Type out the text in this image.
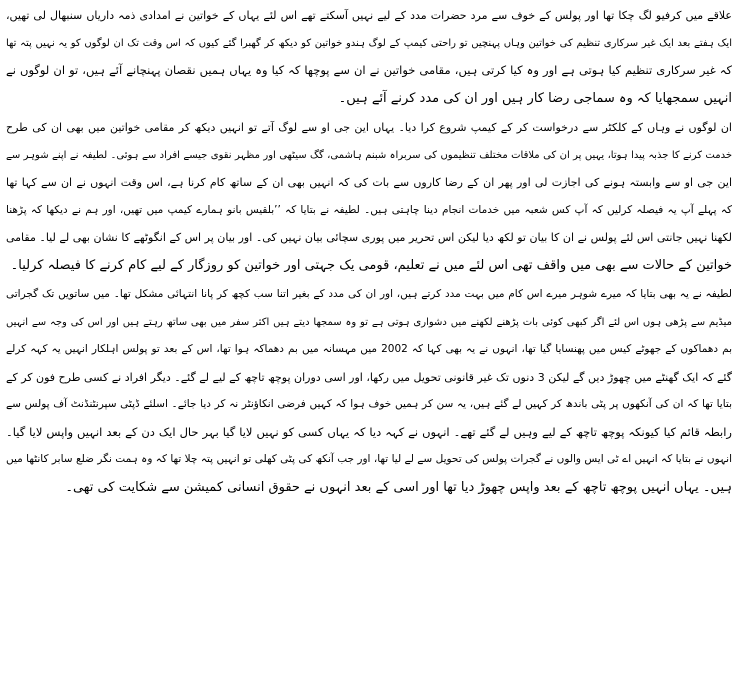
علاقے میں کرفیو لگ چکا تھا اور پولس کے خوف سے مرد حضرات مدد کے لیے نہیں آسکتے تھے اس لئے یہاں کے خواتین نے امدادی ذمہ داریاں سنبھال لی تھیں،
ایک ہفتے بعد ایک غیر سرکاری تنظیم کی خواتین وہاں پہنچیں تو راحتی کیمپ کے لوگ ہندو خواتین کو دیکھ کر گھبرا گئے کیوں کہ اس وقت تک ان لوگوں کو یہ نہیں پتہ تھا
کہ غیر سرکاری تنظیم کیا ہوتی ہے اور وہ کیا کرتی ہیں، مقامی خواتین نے ان سے پوچھا کہ کیا وہ یہاں ہمیں نقصان پہنچانے آئے ہیں، تو ان لوگوں نے
انہیں سمجھایا کہ وہ سماجی رضا کار ہیں اور ان کی مدد کرنے آئے ہیں۔
ان لوگوں نے وہاں کے کلکٹر سے درخواست کر کے کیمپ شروع کرا دیا۔ یہاں این جی او سے لوگ آتے تو انہیں دیکھ کر مقامی خواتین میں بھی ان کی طرح
خدمت کرنے کا جذبہ پیدا ہوتا، یہیں پر ان کی ملاقات مختلف تنظیموں کی سربراہ شبنم ہاشمی، گگ سیٹھی اور مظہر نقوی جیسے افراد سے ہوئی۔ لطیفہ نے اپنے شوہر سے
این جی او سے وابستہ ہونے کی اجازت لی اور پھر ان کے رضا کاروں سے بات کی کہ انہیں بھی ان کے ساتھ کام کرنا ہے، اس وقت انہوں نے ان سے کہا تھا
کہ پہلے آپ یہ فیصلہ کرلیں کہ آپ کس شعبہ میں خدمات انجام دینا چاہتی ہیں۔ لطیفہ نے بتایا کہ ’’بلقیس بانو ہمارے کیمپ میں تھیں، اور ہم نے دیکھا کہ پڑھنا
لکھنا نہیں جانتی اس لئے پولس نے ان کا بیان تو لکھ دیا لیکن اس تحریر میں پوری سچائی بیان نہیں کی۔ اور بیان پر اس کے انگوٹھے کا نشان بھی لے لیا۔ مقامی
خواتین کے حالات سے بھی میں واقف تھی اس لئے میں نے تعلیم، قومی یک جہتی اور خواتین کو روزگار کے لیے کام کرنے کا فیصلہ کرلیا۔
لطیفہ نے یہ بھی بتایا کہ میرے شوہر میرے اس کام میں بہت مدد کرتے ہیں، اور ان کی مدد کے بغیر اتنا سب کچھ کر پانا انتہائی مشکل تھا۔ میں ساتویں تک گجراتی
میڈیم سے پڑھی ہوں اس لئے اگر کبھی کوئی بات پڑھنے لکھنے میں دشواری ہوتی ہے تو وہ سمجھا دیتے ہیں اکثر سفر میں بھی ساتھ رہتے ہیں اور اس کی وجہ سے انہیں
بم دھماکوں کے جھوٹے کیس میں پھنسایا گیا تھا، انہوں نے یہ بھی کہا کہ 2002 میں مہسانہ میں بم دھماکہ ہوا تھا، اس کے بعد تو پولس اہلکار انہیں یہ کہہ کرلے
گئے کہ ایک گھنٹے میں چھوڑ دیں گے لیکن 3 دنوں تک غیر قانونی تحویل میں رکھا، اور اسی دوران پوچھ تاچھ کے لیے لے گئے۔ دیگر افراد نے کسی طرح فون کر کے
بتایا تھا کہ ان کی آنکھوں پر پٹی باندھ کر کہیں لے گئے ہیں، یہ سن کر ہمیں خوف ہوا کہ کہیں فرضی انکاؤنٹر نہ کر دیا جائے۔ اسلئے ڈپٹی سپرنٹنڈنٹ آف پولس سے
رابطہ قائم کیا کیونکہ پوچھ تاچھ کے لیے وہیں لے گئے تھے۔ انہوں نے کہہ دیا کہ یہاں کسی کو نہیں لایا گیا بہر حال ایک دن کے بعد انہیں واپس لایا گیا۔
انہوں نے بتایا کہ انہیں اے ٹی ایس والوں نے گجرات پولس کی تحویل سے لے لیا تھا، اور جب آنکھ کی پٹی کھلی تو انہیں پتہ چلا تھا کہ وہ ہمت نگر ضلع سابر کانٹھا میں
ہیں۔ یہاں انہیں پوچھ تاچھ کے بعد واپس چھوڑ دیا تھا اور اسی کے بعد انہوں نے حقوق انسانی کمیشن سے شکایت کی تھی۔
